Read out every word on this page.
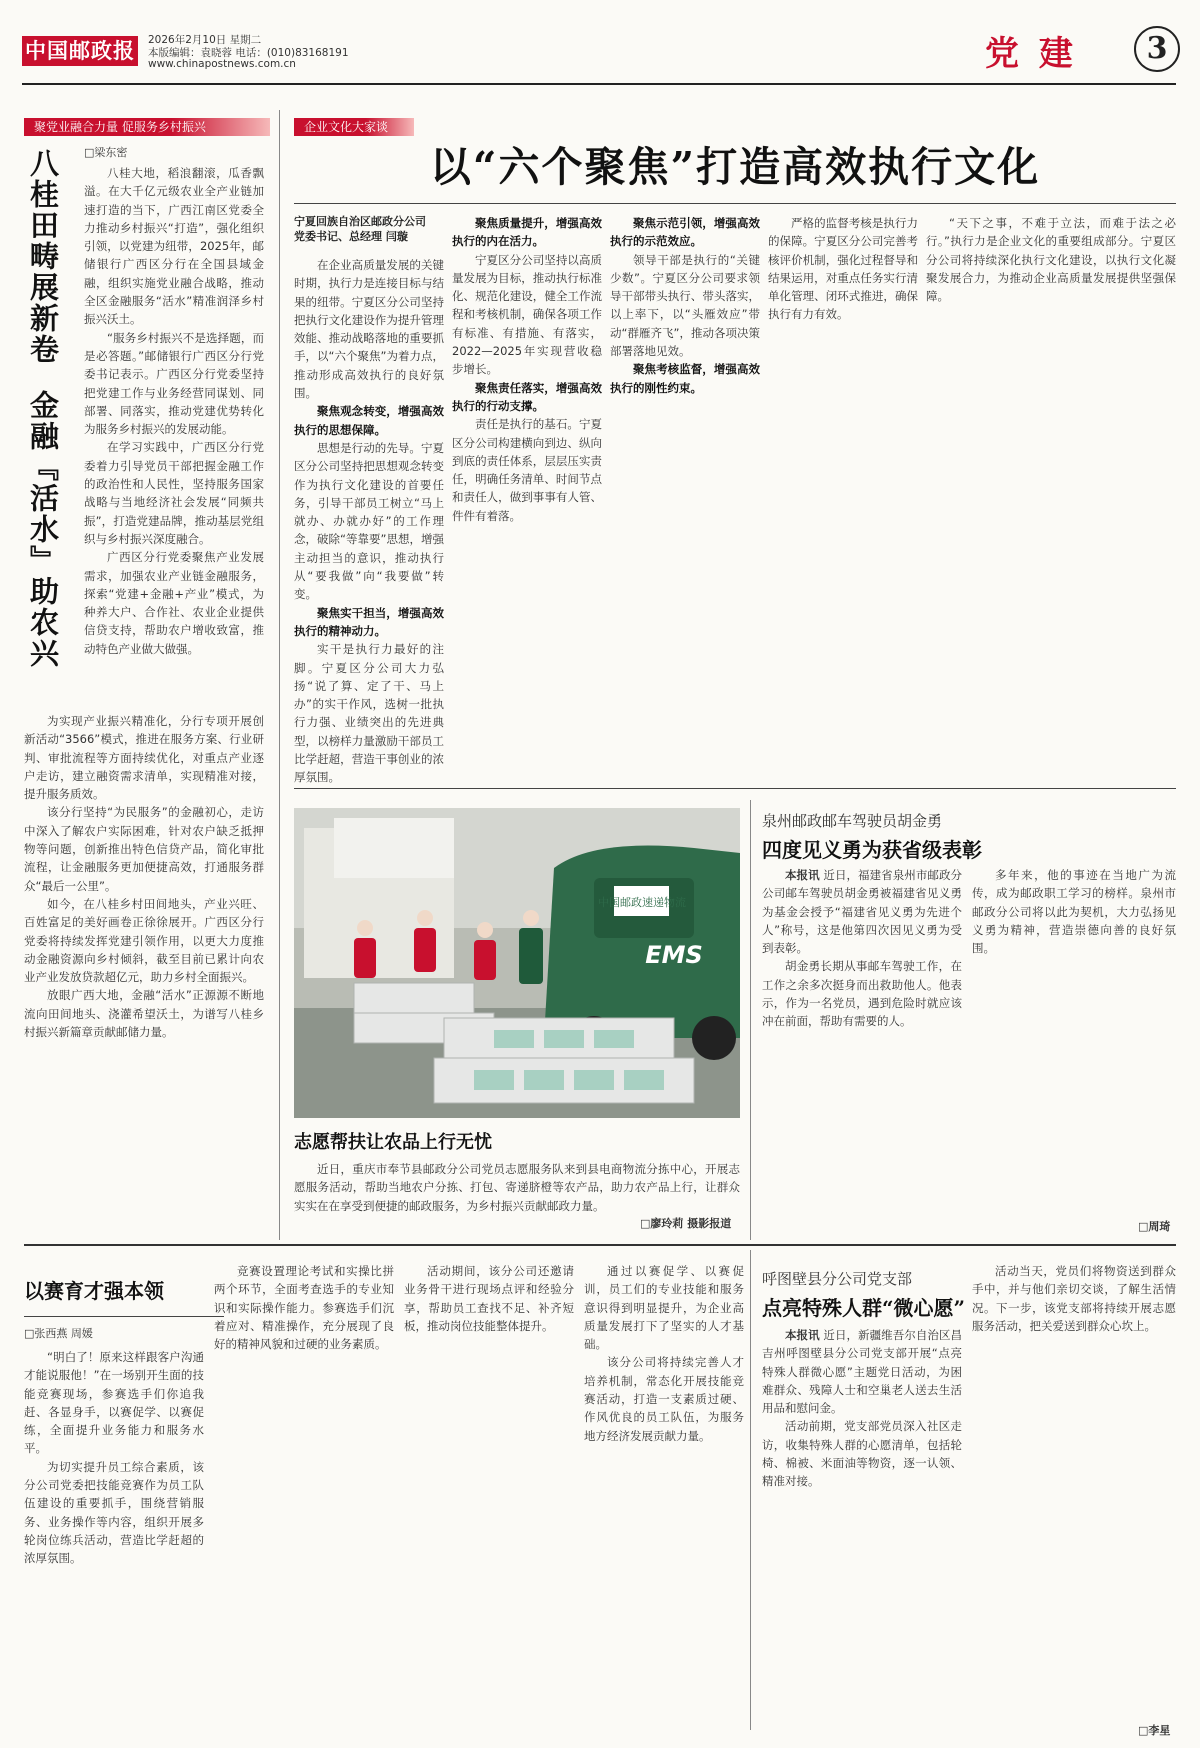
中国邮政报 2026年2月10日 星期二
本版编辑：袁晓蓉 电话：(010)83168191
www.chinapostnews.com.cn	党 建	3
聚党业融合力量 促服务乡村振兴
八桂田畴展新卷
金融『活水』助农兴
□梁东密

八桂大地，稻浪翻滚，瓜香飘溢。在大千亿元级农业全产业链加速打造的当下，广西江南区党委全力推动乡村振兴“打造”，强化组织引领，以党建为纽带，2025年，邮储银行广西区分行在全国县域金融，组织实施党业融合战略，推动全区金融服务“活水”精准润泽乡村振兴沃土。

“服务乡村振兴不是选择题，而是必答题。”邮储银行广西区分行党委书记表示。广西区分行党委坚持把党建工作与业务经营同谋划、同部署、同落实，推动党建优势转化为服务乡村振兴的发展动能。

在学习实践中，广西区分行党委着力引导党员干部把握金融工作的政治性和人民性，坚持服务国家战略与当地经济社会发展“同频共振”，打造党建品牌，推动基层党组织与乡村振兴深度融合。

广西区分行党委聚焦产业发展需求，加强农业产业链金融服务，探索“党建+金融+产业”模式，为种养大户、合作社、农业企业提供信贷支持，帮助农户增收致富，推动特色产业做大做强。

为实现产业振兴精准化，分行专项开展创新活动“3566”模式，推进在服务方案、行业研判、审批流程等方面持续优化，对重点产业逐户走访，建立融资需求清单，实现精准对接，提升服务质效。

该分行坚持“为民服务”的金融初心，走访中深入了解农户实际困难，针对农户缺乏抵押物等问题，创新推出特色信贷产品，简化审批流程，让金融服务更加便捷高效，打通服务群众“最后一公里”。

如今，在八桂乡村田间地头，产业兴旺、百姓富足的美好画卷正徐徐展开。广西区分行党委将持续发挥党建引领作用，以更大力度推动金融资源向乡村倾斜，截至目前已累计向农业产业发放贷款超亿元，助力乡村全面振兴。

放眼广西大地，金融“活水”正源源不断地流向田间地头、浇灌希望沃土，为谱写八桂乡村振兴新篇章贡献邮储力量。

企业文化大家谈
以“六个聚焦”打造高效执行文化
宁夏回族自治区邮政分公司
党委书记、总经理 闫璇

在企业高质量发展的关键时期，执行力是连接目标与结果的纽带。宁夏区分公司坚持把执行文化建设作为提升管理效能、推动战略落地的重要抓手，以“六个聚焦”为着力点，推动形成高效执行的良好氛围。

聚焦观念转变，增强高效执行的思想保障。

思想是行动的先导。宁夏区分公司坚持把思想观念转变作为执行文化建设的首要任务，引导干部员工树立“马上就办、办就办好”的工作理念，破除“等靠要”思想，增强主动担当的意识，推动执行从“要我做”向“我要做”转变。

聚焦实干担当，增强高效执行的精神动力。

实干是执行力最好的注脚。宁夏区分公司大力弘扬“说了算、定了干、马上办”的实干作风，选树一批执行力强、业绩突出的先进典型，以榜样力量激励干部员工比学赶超，营造干事创业的浓厚氛围。

聚焦质量提升，增强高效执行的内在活力。

宁夏区分公司坚持以高质量发展为目标，推动执行标准化、规范化建设，健全工作流程和考核机制，确保各项工作有标准、有措施、有落实，2022—2025年实现营收稳步增长。

聚焦责任落实，增强高效执行的行动支撑。

责任是执行的基石。宁夏区分公司构建横向到边、纵向到底的责任体系，层层压实责任，明确任务清单、时间节点和责任人，做到事事有人管、件件有着落。

聚焦示范引领，增强高效执行的示范效应。

领导干部是执行的“关键少数”。宁夏区分公司要求领导干部带头执行、带头落实，以上率下，以“头雁效应”带动“群雁齐飞”，推动各项决策部署落地见效。

聚焦考核监督，增强高效执行的刚性约束。

严格的监督考核是执行力的保障。宁夏区分公司完善考核评价机制，强化过程督导和结果运用，对重点任务实行清单化管理、闭环式推进，确保执行有力有效。

“天下之事，不难于立法，而难于法之必行。”执行力是企业文化的重要组成部分。宁夏区分公司将持续深化执行文化建设，以执行文化凝聚发展合力，为推动企业高质量发展提供坚强保障。

中国邮政速递物流
EMS
志愿帮扶让农品上行无忧

近日，重庆市奉节县邮政分公司党员志愿服务队来到县电商物流分拣中心，开展志愿服务活动，帮助当地农户分拣、打包、寄递脐橙等农产品，助力农产品上行，让群众实实在在享受到便捷的邮政服务，为乡村振兴贡献邮政力量。

□廖玲莉 摄影报道
泉州邮政邮车驾驶员胡金勇
四度见义勇为获省级表彰

本报讯 近日，福建省泉州市邮政分公司邮车驾驶员胡金勇被福建省见义勇为基金会授予“福建省见义勇为先进个人”称号，这是他第四次因见义勇为受到表彰。

胡金勇长期从事邮车驾驶工作，在工作之余多次挺身而出救助他人。他表示，作为一名党员，遇到危险时就应该冲在前面，帮助有需要的人。

多年来，他的事迹在当地广为流传，成为邮政职工学习的榜样。泉州市邮政分公司将以此为契机，大力弘扬见义勇为精神，营造崇德向善的良好氛围。

□周琦
以赛育才强本领
□张西燕 周媛

“明白了！原来这样跟客户沟通才能说服他！”在一场别开生面的技能竞赛现场，参赛选手们你追我赶、各显身手，以赛促学、以赛促练，全面提升业务能力和服务水平。

为切实提升员工综合素质，该分公司党委把技能竞赛作为员工队伍建设的重要抓手，围绕营销服务、业务操作等内容，组织开展多轮岗位练兵活动，营造比学赶超的浓厚氛围。

竞赛设置理论考试和实操比拼两个环节，全面考查选手的专业知识和实际操作能力。参赛选手们沉着应对、精准操作，充分展现了良好的精神风貌和过硬的业务素质。

活动期间，该分公司还邀请业务骨干进行现场点评和经验分享，帮助员工查找不足、补齐短板，推动岗位技能整体提升。

通过以赛促学、以赛促训，员工们的专业技能和服务意识得到明显提升，为企业高质量发展打下了坚实的人才基础。

该分公司将持续完善人才培养机制，常态化开展技能竞赛活动，打造一支素质过硬、作风优良的员工队伍，为服务地方经济发展贡献力量。

呼图壁县分公司党支部
点亮特殊人群“微心愿”

本报讯 近日，新疆维吾尔自治区昌吉州呼图壁县分公司党支部开展“点亮特殊人群微心愿”主题党日活动，为困难群众、残障人士和空巢老人送去生活用品和慰问金。

活动前期，党支部党员深入社区走访，收集特殊人群的心愿清单，包括轮椅、棉被、米面油等物资，逐一认领、精准对接。

活动当天，党员们将物资送到群众手中，并与他们亲切交谈，了解生活情况。下一步，该党支部将持续开展志愿服务活动，把关爱送到群众心坎上。

□李星
